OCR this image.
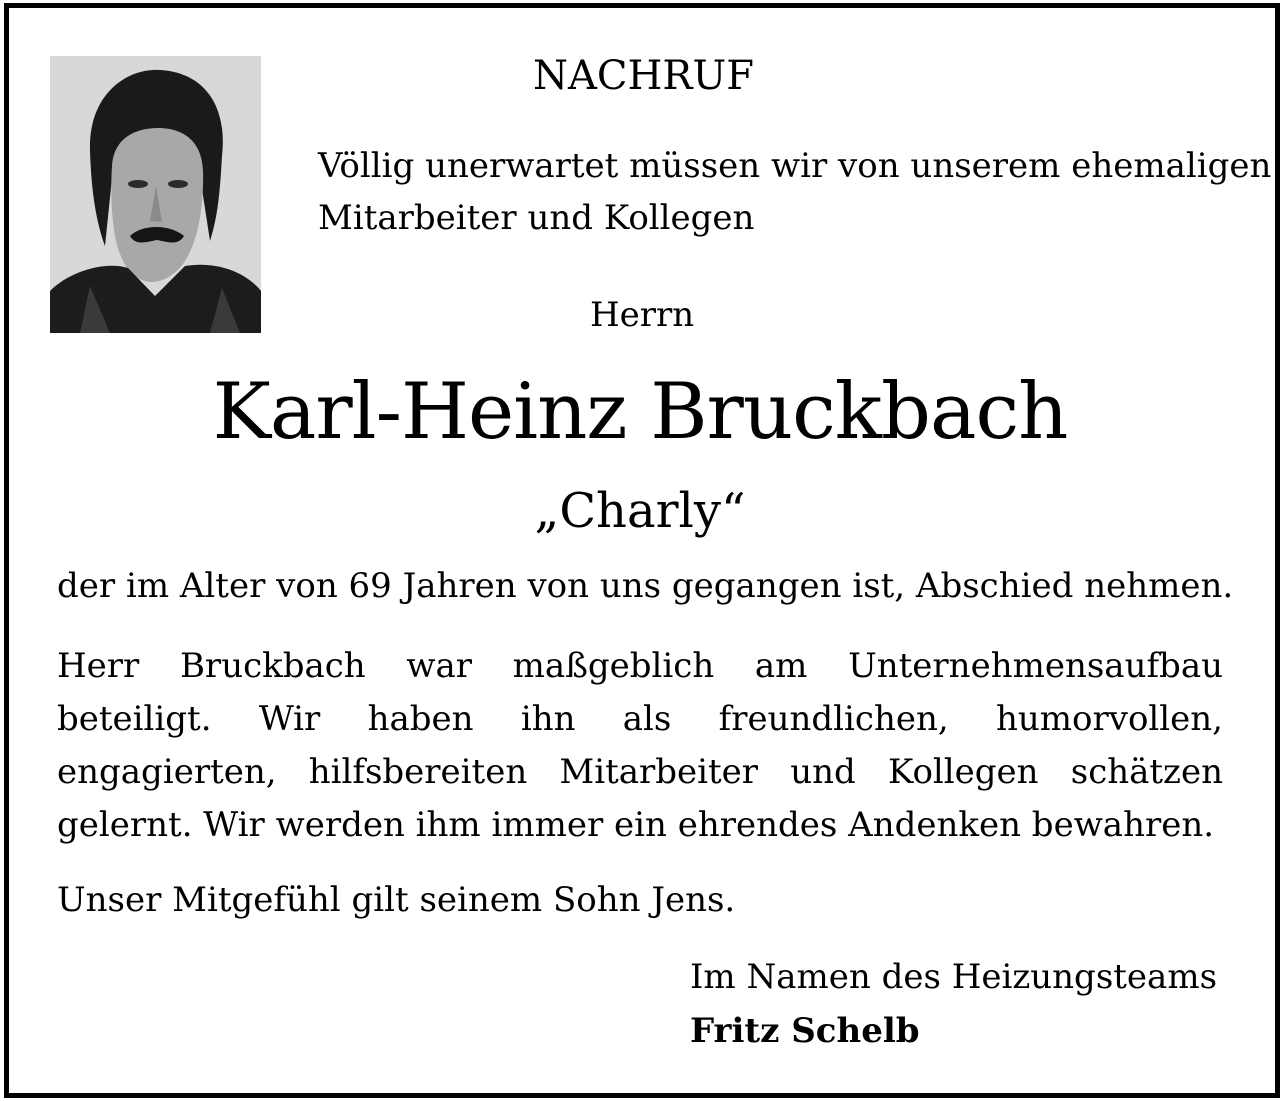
NACHRUF

Völlig unerwartet müssen wir von unserem ehemaligen
Mitarbeiter und Kollegen

Herrn

Karl-Heinz Bruckbach

„Charly“

der im Alter von 69 Jahren von uns gegangen ist, Abschied nehmen.

Herr Bruckbach war maßgeblich am Unternehmensaufbau beteiligt. Wir haben ihn als freundlichen, humorvollen, engagierten, hilfsbereiten Mitarbeiter und Kollegen schätzen gelernt. Wir werden ihm immer ein ehrendes Andenken bewahren.

Unser Mitgefühl gilt seinem Sohn Jens.

Im Namen des Heizungsteams

Fritz Schelb
